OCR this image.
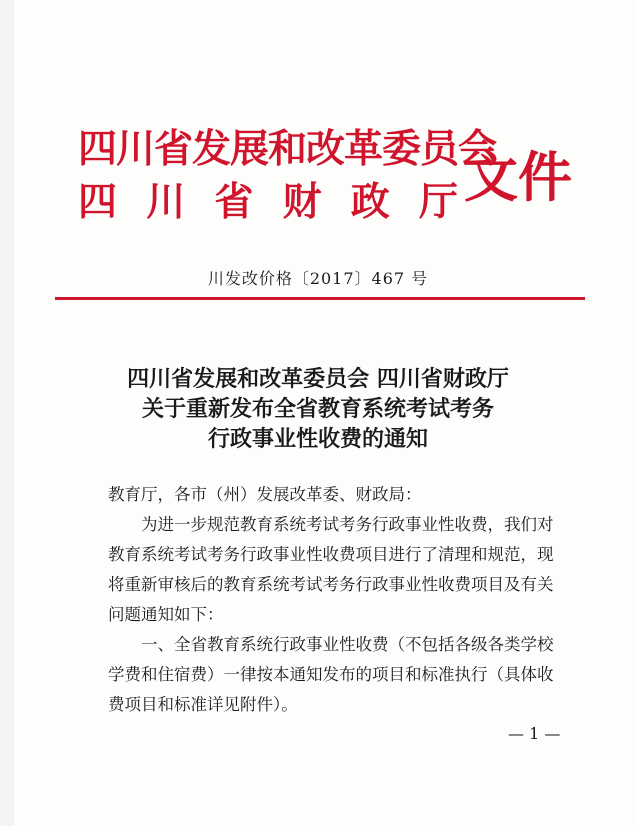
四川省发展和改革委员会
四 川 省 财 政 厅 文件
川发改价格〔2017〕467 号
四川省发展和改革委员会 四川省财政厅
关于重新发布全省教育系统考试考务
行政事业性收费的通知
教育厅，各市（州）发展改革委、财政局：
　　为进一步规范教育系统考试考务行政事业性收费，我们对
教育系统考试考务行政事业性收费项目进行了清理和规范，现
将重新审核后的教育系统考试考务行政事业性收费项目及有关
问题通知如下：
　　一、全省教育系统行政事业性收费（不包括各级各类学校
学费和住宿费）一律按本通知发布的项目和标准执行（具体收
费项目和标准详见附件）。
— 1 —
